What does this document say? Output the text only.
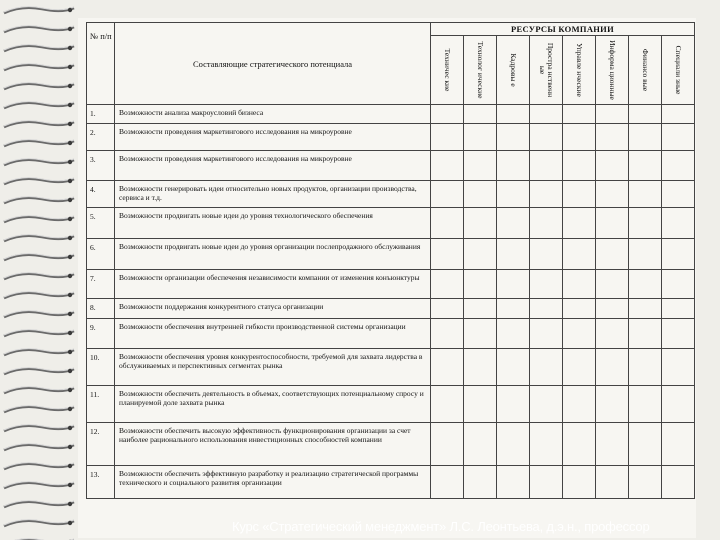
№ п/п	Составляющие стратегического потенциала	РЕСУРСЫ КОМПАНИИ							

		Техничес кие	Технолог ические	Кадровы е	Простра нственн ые	Управле нческие	Информа ционные	Финансо вые	Специали зные

1.	Возможности анализа макроусловий бизнеса								
2.	Возможности проведения маркетингового исследования на микроуровне								
3.	Возможности проведения маркетингового исследования на микроуровне								
4.	Возможности генерировать идеи относительно новых продуктов, организации производства, сервиса и т.д.								
5.	Возможности продвигать новые идеи до уровня технологического обеспечения								
6.	Возможности продвигать новые идеи до уровня организации послепродажного обслуживания								
7.	Возможности организации обеспечения независимости компании от изменения конъюнктуры								
8.	Возможности поддержания конкурентного статуса организации								
9.	Возможности обеспечения внутренней гибкости производственной системы организации								
10.	Возможности обеспечения уровня конкурентоспособности, требуемой для захвата лидерства в обслуживаемых и перспективных сегментах рынка								
11.	Возможности обеспечить деятельность в объемах, соответствующих потенциальному спросу и планируемой доле захвата рынка								
12.	Возможности обеспечить высокую эффективность функционирования организации за счет наиболее рационального использования инвестиционных способностей компании								
13.	Возможности обеспечить эффективную разработку и реализацию стратегической программы технического и социального развития организации								
Курс «Стратегический менеджмент» Л.С. Леонтьева, д.э.н., профессор
